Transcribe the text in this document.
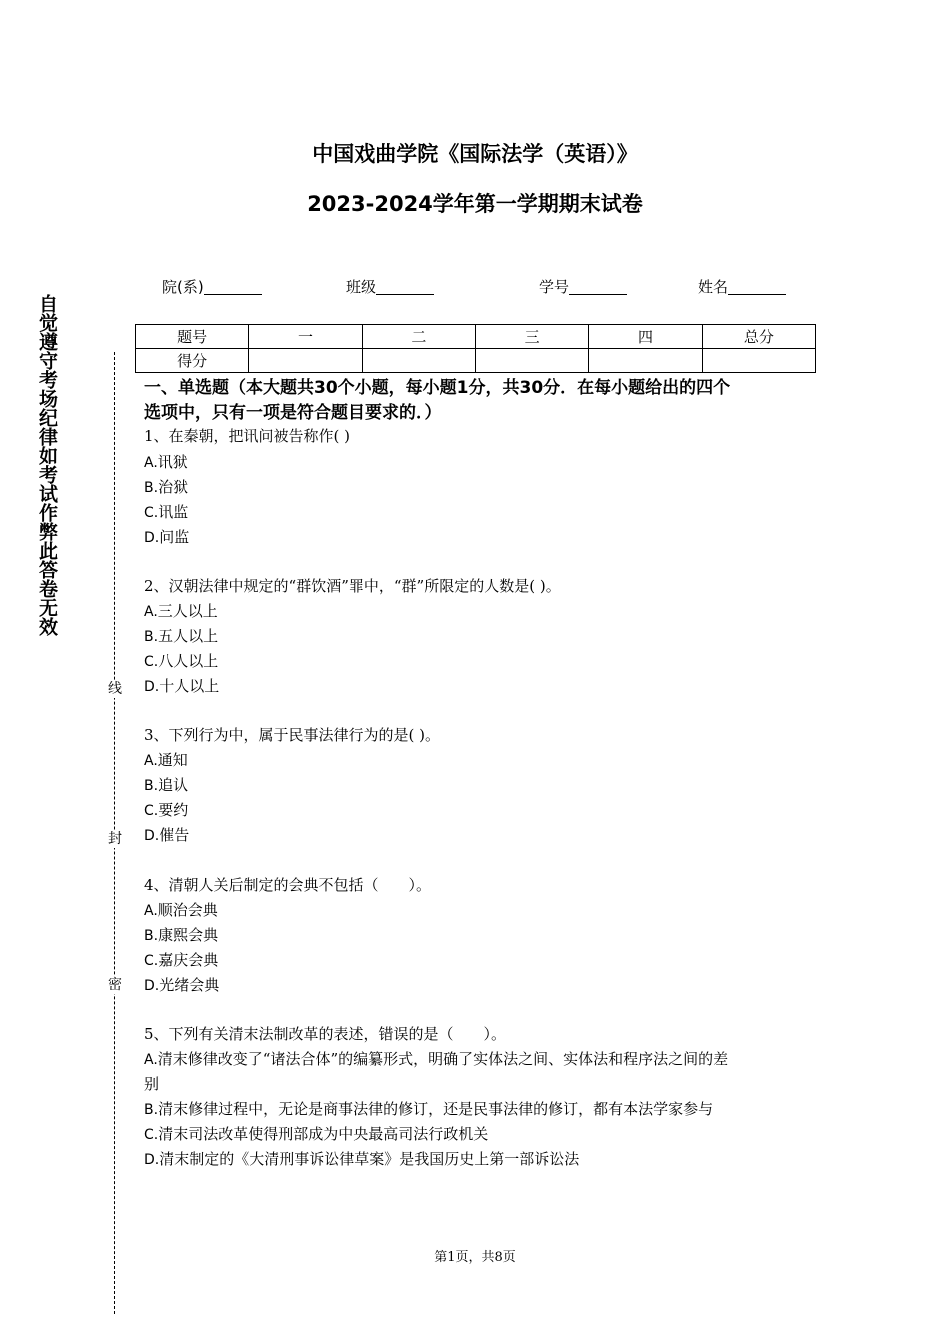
中国戏曲学院《国际法学（英语）》
2023-2024学年第一学期期末试卷
院(系)	班级	学号	姓名
题号	一	二	三	四	总分
得分					
自觉遵守考场纪律如考试作弊此答卷无效
线
封
密
一、单选题（本大题共30个小题，每小题1分，共30分．在每小题给出的四个
选项中，只有一项是符合题目要求的．）
1、在秦朝，把讯问被告称作( )
A.讯狱
B.治狱
C.讯监
D.问监
2、汉朝法律中规定的“群饮酒”罪中，“群”所限定的人数是( )。
A.三人以上
B.五人以上
C.八人以上
D.十人以上
3、下列行为中，属于民事法律行为的是( )。
A.通知
B.追认
C.要约
D.催告
4、清朝人关后制定的会典不包括（　　）。
A.顺治会典
B.康熙会典
C.嘉庆会典
D.光绪会典
5、下列有关清末法制改革的表述，错误的是（　　）。
A.清末修律改变了“诸法合体”的编纂形式，明确了实体法之间、实体法和程序法之间的差
别
B.清末修律过程中，无论是商事法律的修订，还是民事法律的修订，都有本法学家参与
C.清末司法改革使得刑部成为中央最高司法行政机关
D.清末制定的《大清刑事诉讼律草案》是我国历史上第一部诉讼法
第1页，共8页
